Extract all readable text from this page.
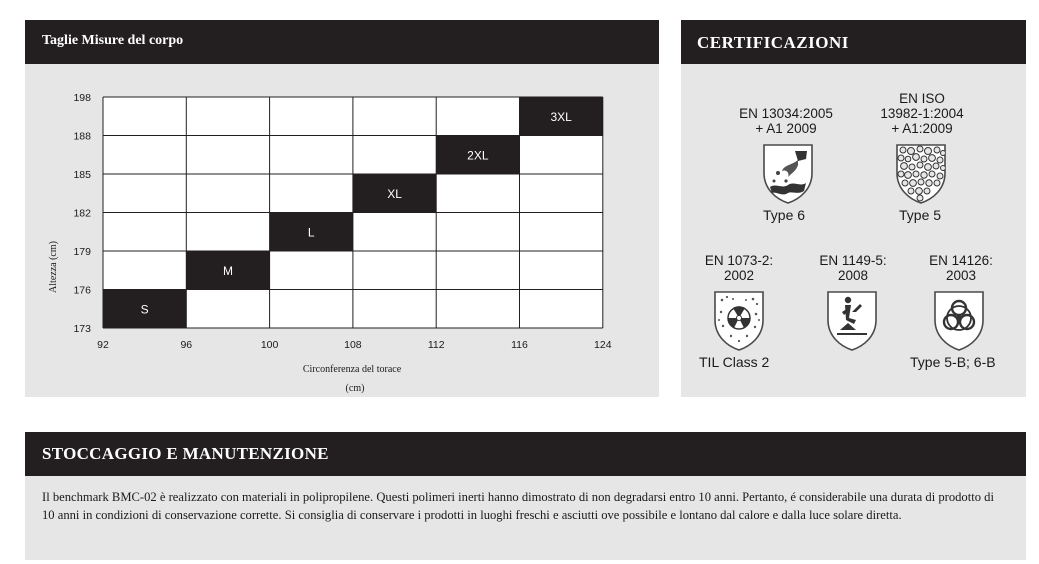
Taglie Misure del corpo
Altezza (cm)
Circonferenza del torace
(cm)
S
M
L
XL
2XL
3XL
92	96	100	108	112	116	124
173
176
179
182
185
188
198
CERTIFICAZIONI
EN 13034:2005
+ A1 2009
Type 6
EN ISO
13982-1:2004
+ A1:2009
Type 5
EN 1073-2:
2002
TIL Class 2
EN 1149-5:
2008
EN 14126:
2003
Type 5-B; 6-B
STOCCAGGIO E MANUTENZIONE
Il benchmark BMC-02 è realizzato con materiali in polipropilene. Questi polimeri inerti hanno dimostrato di non degradarsi entro 10 anni. Pertanto, é considerabile una durata di prodotto di 10 anni in condizioni di conservazione corrette. Si consiglia di conservare i prodotti in luoghi freschi e asciutti ove possibile e lontano dal calore e dalla luce solare diretta.
